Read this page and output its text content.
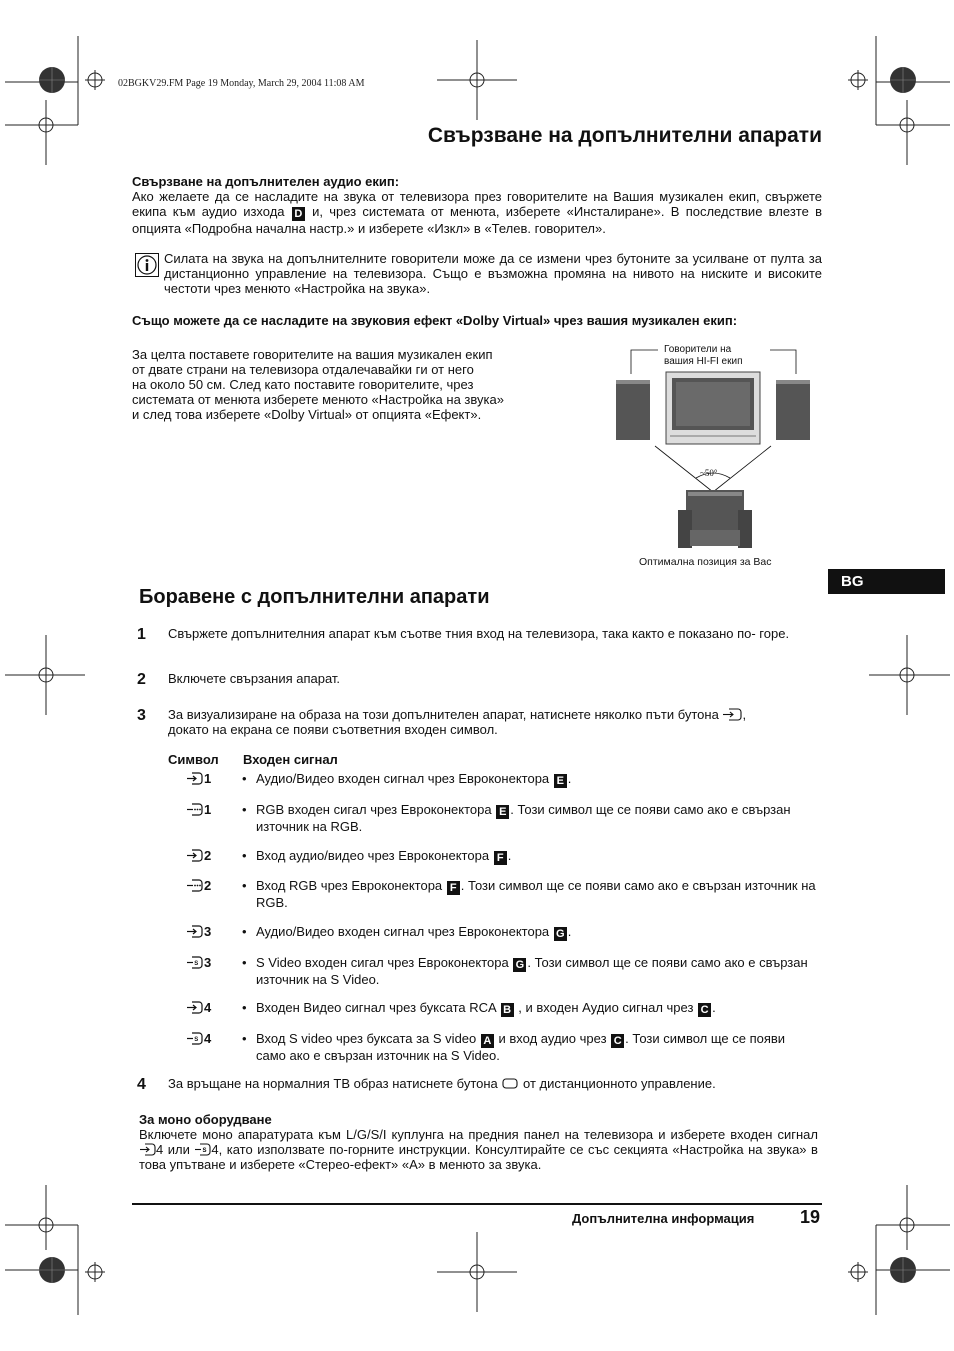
02BGKV29.FM Page 19 Monday, March 29, 2004 11:08 AM
Свързване на допълнителни апарати
Свързване на допълнителен аудио екип:
Ако желаете да се насладите на звука от телевизора през говорителите на Вашия музикален екип, свържете екипа към аудио изхода D и, чрез системата от менюта, изберете «Инсталиране». В последствие влезте в опцията «Подробна начална настр.» и изберете «Изкл» в «Телев. говорител».
Силата на звука на допълнителните говорители може да се измени чрез бутоните за усилване от пулта за дистанционно управление на телевизора. Също е възможна промяна на нивото на ниските и високите честоти чрез менюто «Настройка на звука».
Също можете да се насладите на звуковия ефект «Dolby Virtual» чрез вашия музикален екип:
За целта поставете говорителите на вашия музикален екип
от двате страни на телевизора отдалечавайки ги от него
на около 50 см. След като поставите говорителите, чрез
системата от менюта изберете менюто «Настройка на звука»
и след това изберете «Dolby Virtual» от опцията «Ефект».
~50°
Говорители на
вашия HI-FI екип
Оптимална позиция за Вас
BG
Боравене с допълнителни апарати
1 Свържете допълнителния апарат към съотве тния вход на телевизора, така както е показано по- горе.
2 Включете свързания апарат.
3 За визуализиране на образа на този допълнителен апарат, натиснете няколко пъти бутона ,
докато на екрана се появи съответния входен символ.
Символ Входен сигнал
1	• Аудио/Видео входен сигнал чрез Евроконектора E .
1	• RGB входен сигал чрез Евроконектора E . Този символ ще се появи само ако е свързан източник на RGB.
2	• Вход аудио/видео чрез Евроконектора F .
2	• Вход RGB чрез Евроконектора F . Този символ ще се появи само ако е свързан източник на RGB.
3	• Аудио/Видео входен сигнал чрез Евроконектора G .
S 3	• S Video входен сигал чрез Евроконектора G . Този символ ще се появи само ако е свързан източник на S Video.
4	• Входен Видео сигнал чрез буксата RCA B , и входен Аудио сигнал чрез C .
S 4	• Вход S video чрез буксата за S video A и вход аудио чрез C . Този символ ще се появи само ако е свързан източник на S Video.
4 За връщане на нормалния ТВ образ натиснете бутона от дистанционното управление.
За моно оборудване
Включете моно апаратурата към L/G/S/I куплунга на предния панел на телевизора и изберете входен сигнал 4 или S 4, като използвате по-горните инструкции. Консултирайте се със секцията «Настройка на звука» в това упътване и изберете «Стерео-ефект» «А» в менюто за звука.
Допълнителна информация	19
